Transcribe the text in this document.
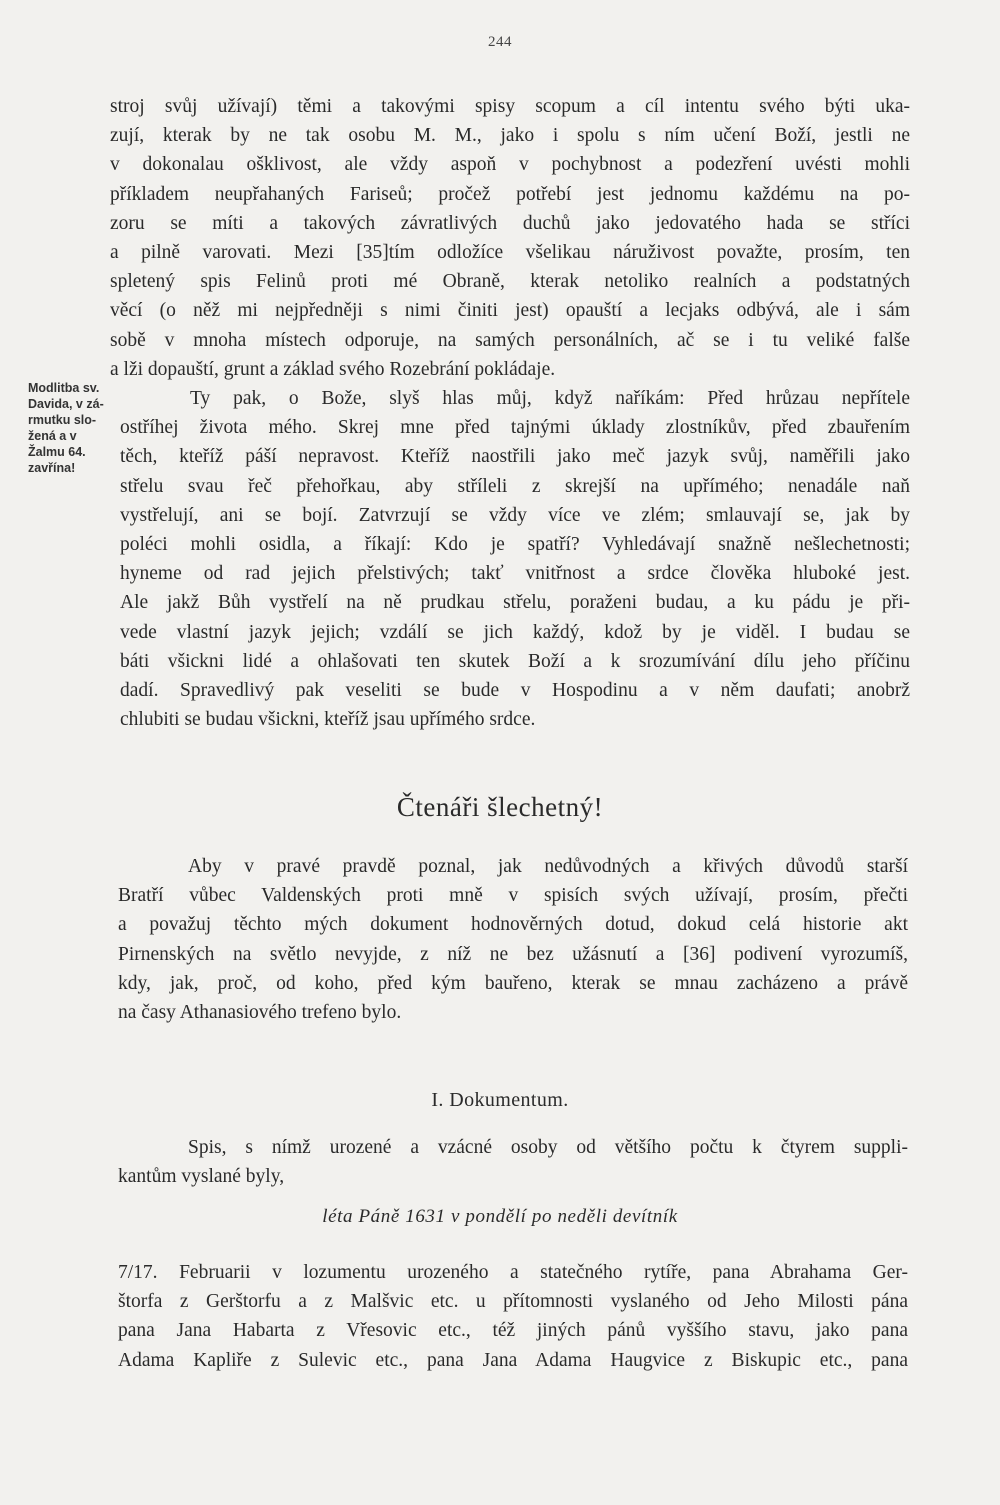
244
stroj svůj užívají) těmi a takovými spisy scopum a cíl intentu svého býti uka-
zují, kterak by ne tak osobu M. M., jako i spolu s ním učení Boží, jestli ne
v dokonalau ošklivost, ale vždy aspoň v pochybnost a podezření uvésti mohli
příkladem neupřahaných Fariseů; pročež potřebí jest jednomu každému na po-
zoru se míti a takových závratlivých duchů jako jedovatého hada se stříci
a pilně varovati. Mezi [35]tím odložíce všelikau náruživost považte, prosím, ten
spletený spis Felinů proti mé Obraně, kterak netoliko realních a podstatných
věcí (o něž mi nejpředněji s nimi činiti jest) opauští a lecjaks odbývá, ale i sám
sobě v mnoha místech odporuje, na samých personálních, ač se i tu veliké falše
a lži dopauští, grunt a základ svého Rozebrání pokládaje.
Modlitba sv.
Davida, v zá-
rmutku slo-
žená a v
Žalmu 64.
zavřína!
Ty pak, o Bože, slyš hlas můj, když naříkám: Před hrůzau nepřítele
ostříhej života mého. Skrej mne před tajnými úklady zlostníkův, před zbauřením
těch, kteříž páší nepravost. Kteříž naostřili jako meč jazyk svůj, naměřili jako
střelu svau řeč přehořkau, aby stříleli z skrejší na upřímého; nenadále naň
vystřelují, ani se bojí. Zatvrzují se vždy více ve zlém; smlauvají se, jak by
poléci mohli osidla, a říkají: Kdo je spatří? Vyhledávají snažně nešlechetnosti;
hyneme od rad jejich přelstivých; takť vnitřnost a srdce člověka hluboké jest.
Ale jakž Bůh vystřelí na ně prudkau střelu, poraženi budau, a ku pádu je při-
vede vlastní jazyk jejich; vzdálí se jich každý, kdož by je viděl. I budau se
báti všickni lidé a ohlašovati ten skutek Boží a k srozumívání dílu jeho příčinu
dadí. Spravedlivý pak veseliti se bude v Hospodinu a v něm daufati; anobrž
chlubiti se budau všickni, kteříž jsau upřímého srdce.
Čtenáři šlechetný!
Aby v pravé pravdě poznal, jak nedůvodných a křivých důvodů starší
Bratří vůbec Valdenských proti mně v spisích svých užívají, prosím, přečti
a považuj těchto mých dokument hodnověrných dotud, dokud celá historie akt
Pirnenských na světlo nevyjde, z níž ne bez užásnutí a [36] podivení vyrozumíš,
kdy, jak, proč, od koho, před kým bauřeno, kterak se mnau zacházeno a právě
na časy Athanasiového trefeno bylo.
I. Dokumentum.
Spis, s nímž urozené a vzácné osoby od většího počtu k čtyrem suppli-
kantům vyslané byly,
léta Páně 1631 v pondělí po neděli devítník
7/17. Februarii v lozumentu urozeného a statečného rytíře, pana Abrahama Ger-
štorfa z Gerštorfu a z Malšvic etc. u přítomnosti vyslaného od Jeho Milosti pána
pana Jana Habarta z Vřesovic etc., též jiných pánů vyššího stavu, jako pana
Adama Kapliře z Sulevic etc., pana Jana Adama Haugvice z Biskupic etc., pana
